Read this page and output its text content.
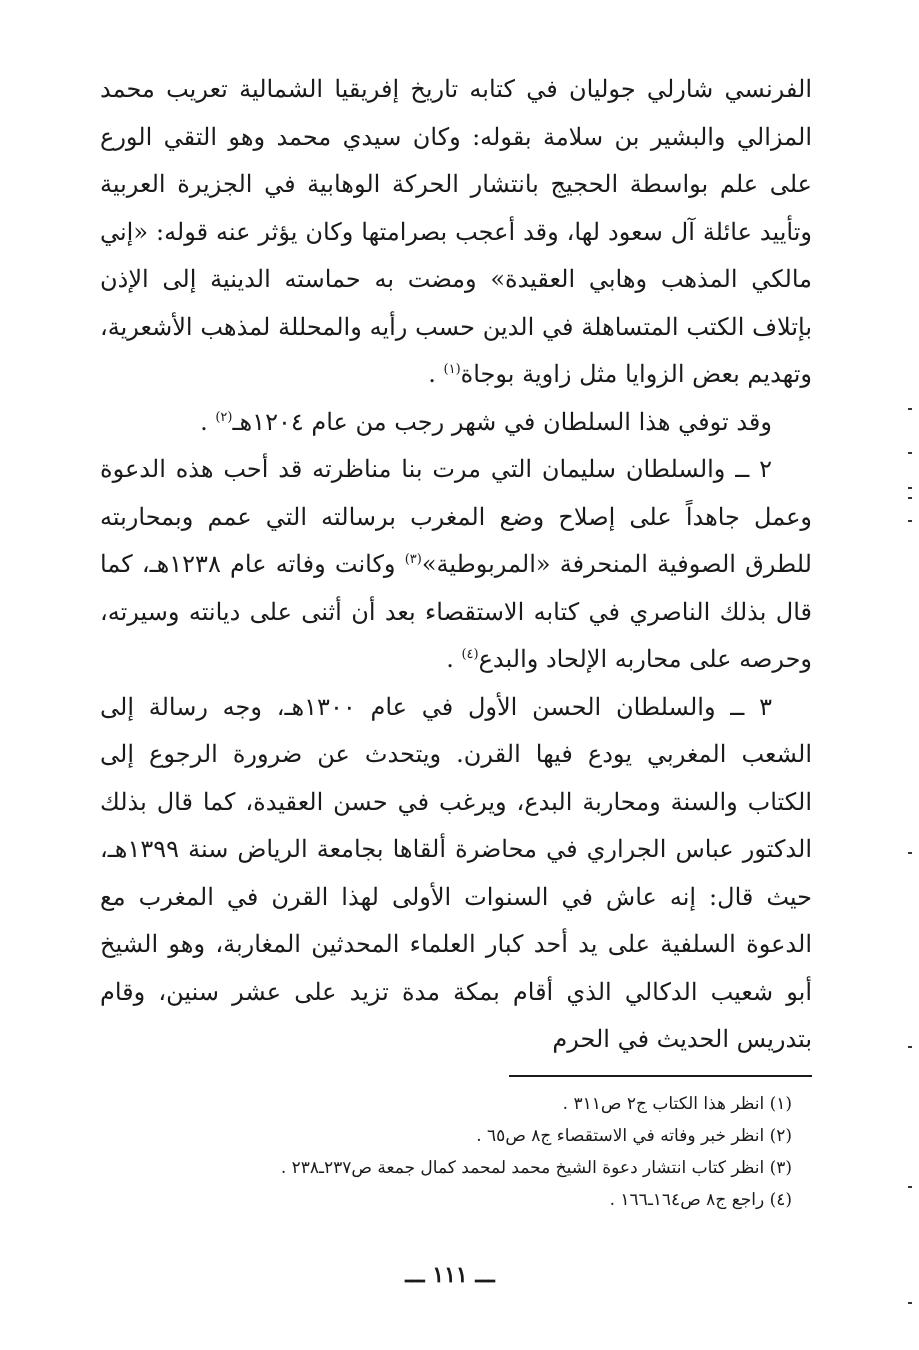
الفرنسي شارلي جوليان في كتابه تاريخ إفريقيا الشمالية تعريب محمد المزالي والبشير بن سلامة بقوله: وكان سيدي محمد وهو التقي الورع على علم بواسطة الحجيج بانتشار الحركة الوهابية في الجزيرة العربية وتأييد عائلة آل سعود لها، وقد أعجب بصرامتها وكان يؤثر عنه قوله: «إني مالكي المذهب وهابي العقيدة» ومضت به حماسته الدينية إلى الإذن بإتلاف الكتب المتساهلة في الدين حسب رأيه والمحللة لمذهب الأشعرية، وتهديم بعض الزوايا مثل زاوية بوجاة$^{(١)}$ .

وقد توفي هذا السلطان في شهر رجب من عام ١٢٠٤هـ$^{(٢)}$ .

٢ ــ والسلطان سليمان التي مرت بنا مناظرته قد أحب هذه الدعوة وعمل جاهداً على إصلاح وضع المغرب برسالته التي عمم وبمحاربته للطرق الصوفية المنحرفة «المربوطية»$^{(٣)}$ وكانت وفاته عام ١٢٣٨هـ، كما قال بذلك الناصري في كتابه الاستقصاء بعد أن أثنى على ديانته وسيرته، وحرصه على محاربه الإلحاد والبدع$^{(٤)}$ .

٣ ــ والسلطان الحسن الأول في عام ١٣٠٠هـ، وجه رسالة إلى الشعب المغربي يودع فيها القرن. ويتحدث عن ضرورة الرجوع إلى الكتاب والسنة ومحاربة البدع، ويرغب في حسن العقيدة، كما قال بذلك الدكتور عباس الجراري في محاضرة ألقاها بجامعة الرياض سنة ١٣٩٩هـ، حيث قال: إنه عاش في السنوات الأولى لهذا القرن في المغرب مع الدعوة السلفية على يد أحد كبار العلماء المحدثين المغاربة، وهو الشيخ أبو شعيب الدكالي الذي أقام بمكة مدة تزيد على عشر سنين، وقام بتدريس الحديث في الحرم

(١) انظر هذا الكتاب ج٢ ص٣١١ .
(٢) انظر خبر وفاته في الاستقصاء ج٨ ص٦٥ .
(٣) انظر كتاب انتشار دعوة الشيخ محمد لمحمد كمال جمعة ص٢٣٧ـ٢٣٨ .
(٤) راجع ج٨ ص١٦٤ـ١٦٦ .
ـــ ١١١ ـــ
